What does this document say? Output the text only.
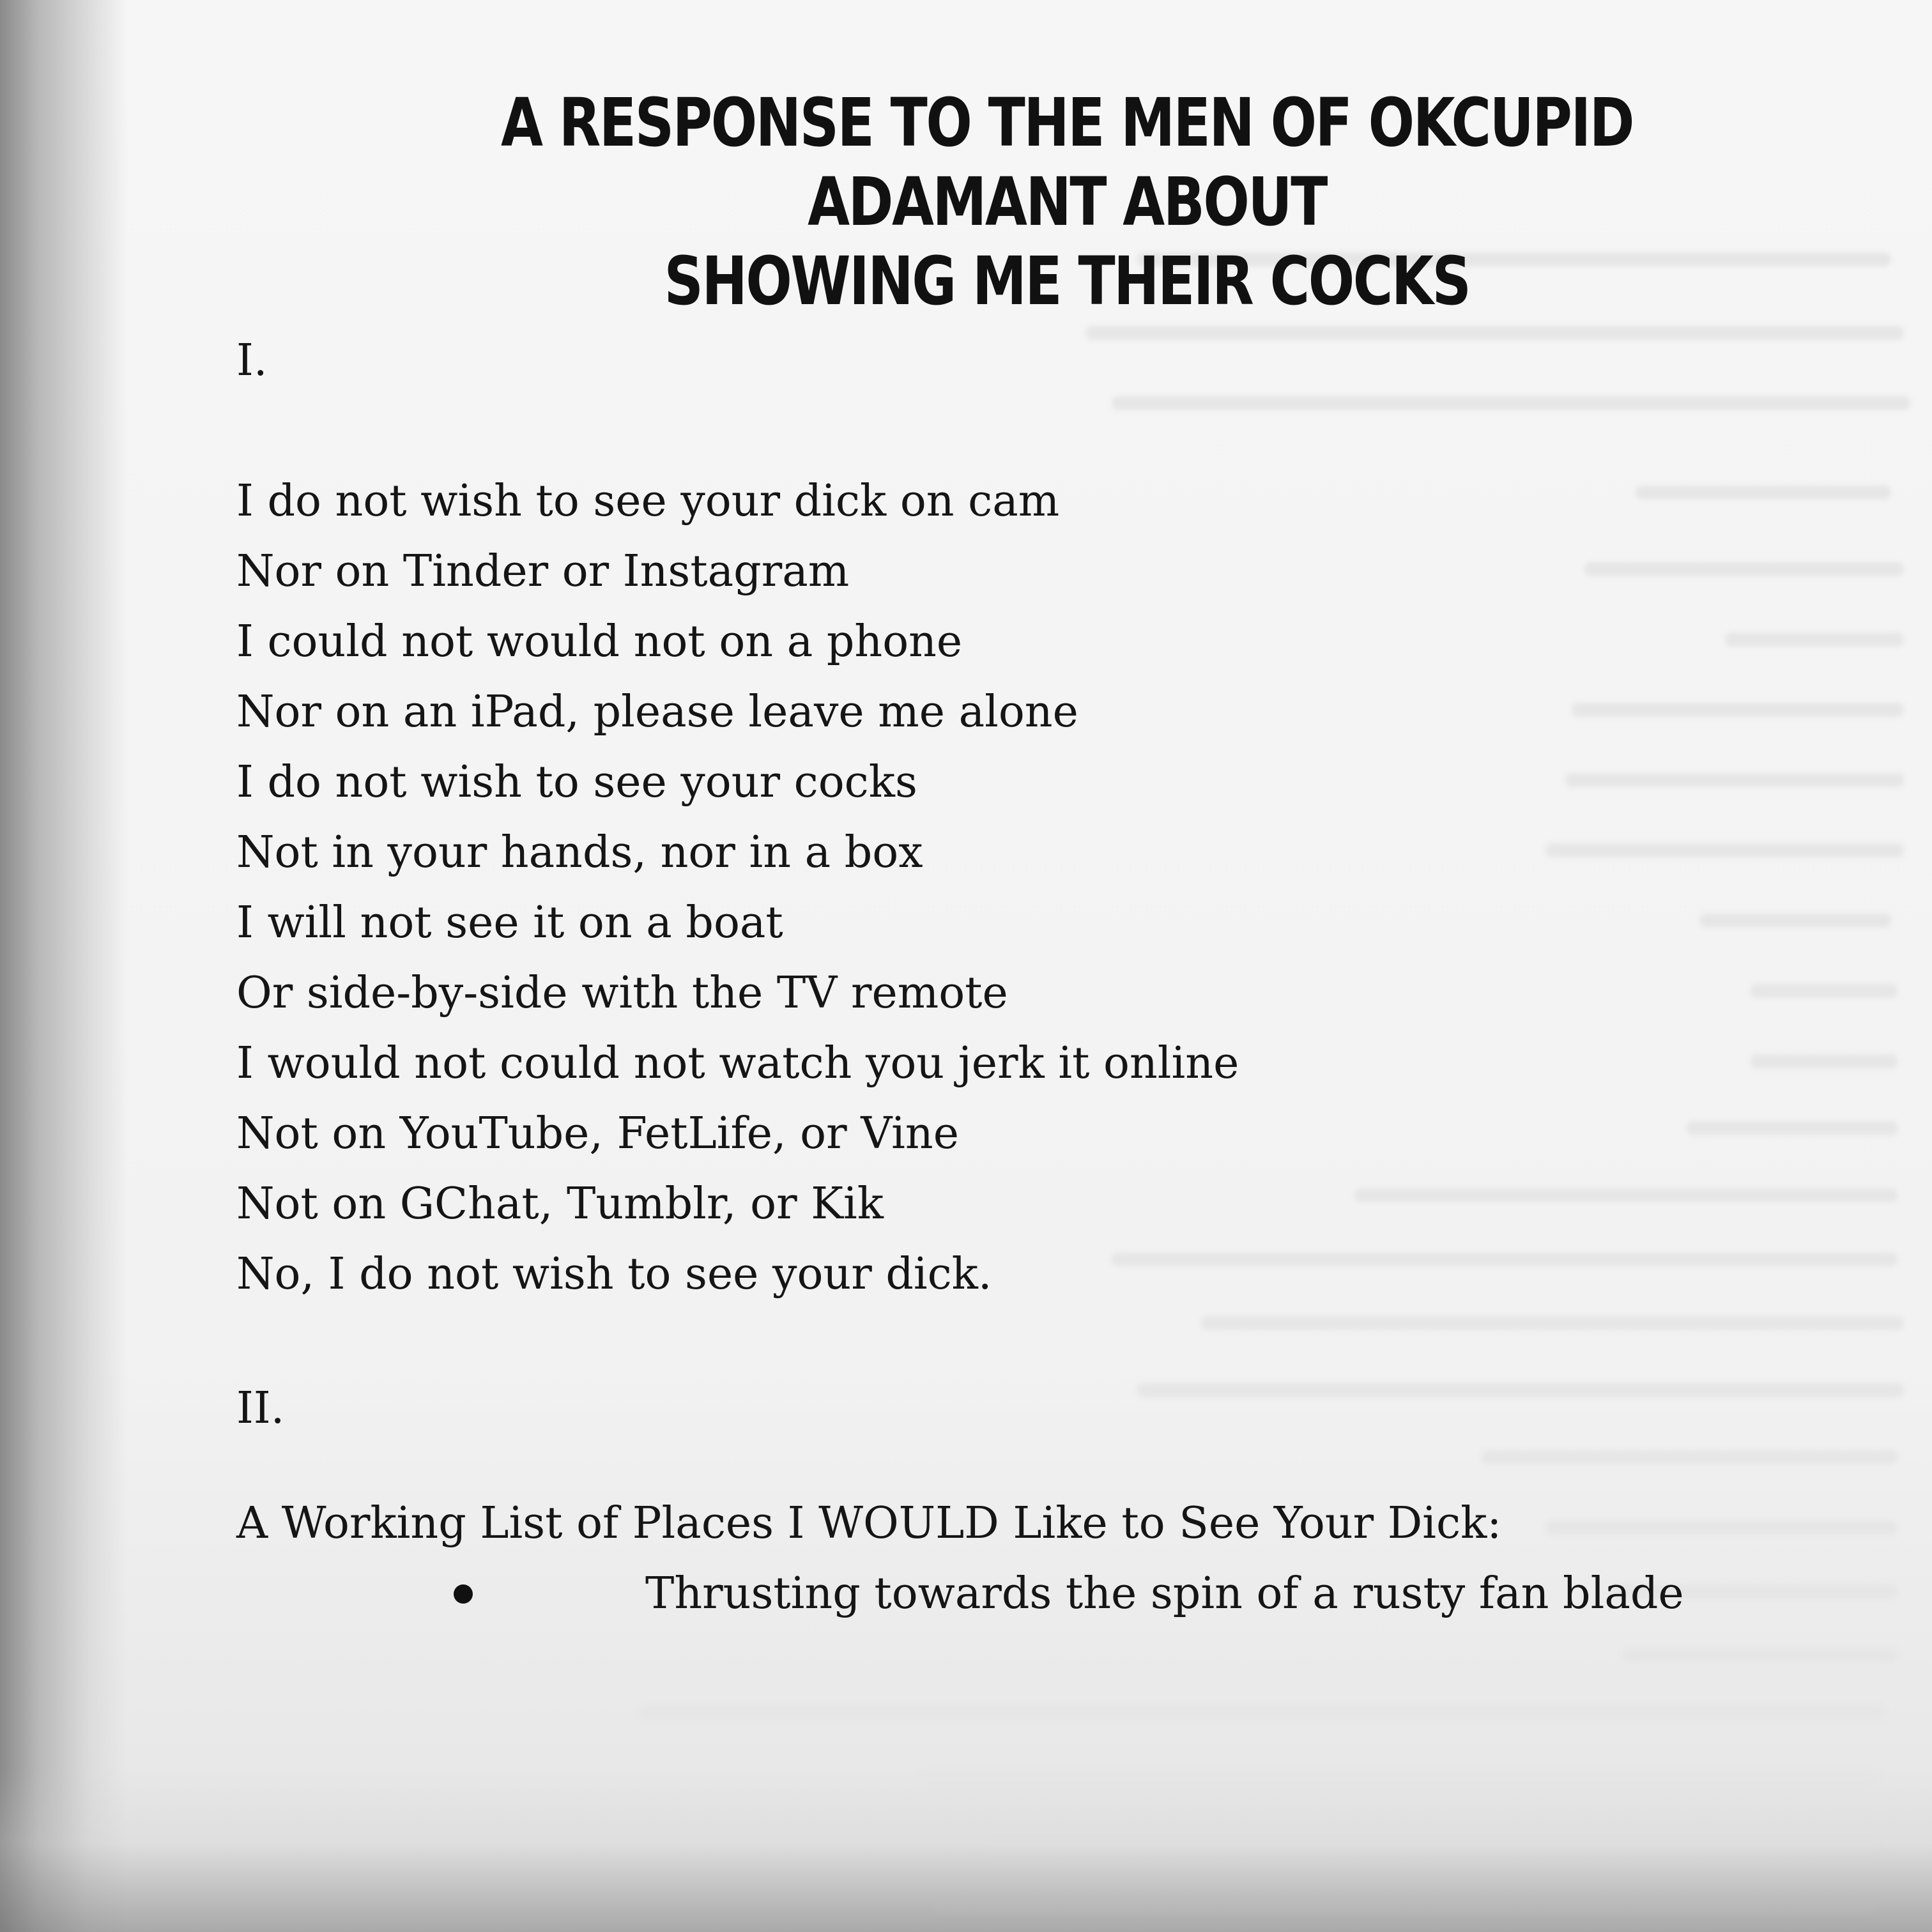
A RESPONSE TO THE MEN OF OKCUPID ADAMANT ABOUT
SHOWING ME THEIR COCKS
I.
I do not wish to see your dick on cam
Nor on Tinder or Instagram
I could not would not on a phone
Nor on an iPad, please leave me alone
I do not wish to see your cocks
Not in your hands, nor in a box
I will not see it on a boat
Or side-by-side with the TV remote
I would not could not watch you jerk it online
Not on YouTube, FetLife, or Vine
Not on GChat, Tumblr, or Kik
No, I do not wish to see your dick.
II.
A Working List of Places I WOULD Like to See Your Dick:
Thrusting towards the spin of a rusty fan blade
